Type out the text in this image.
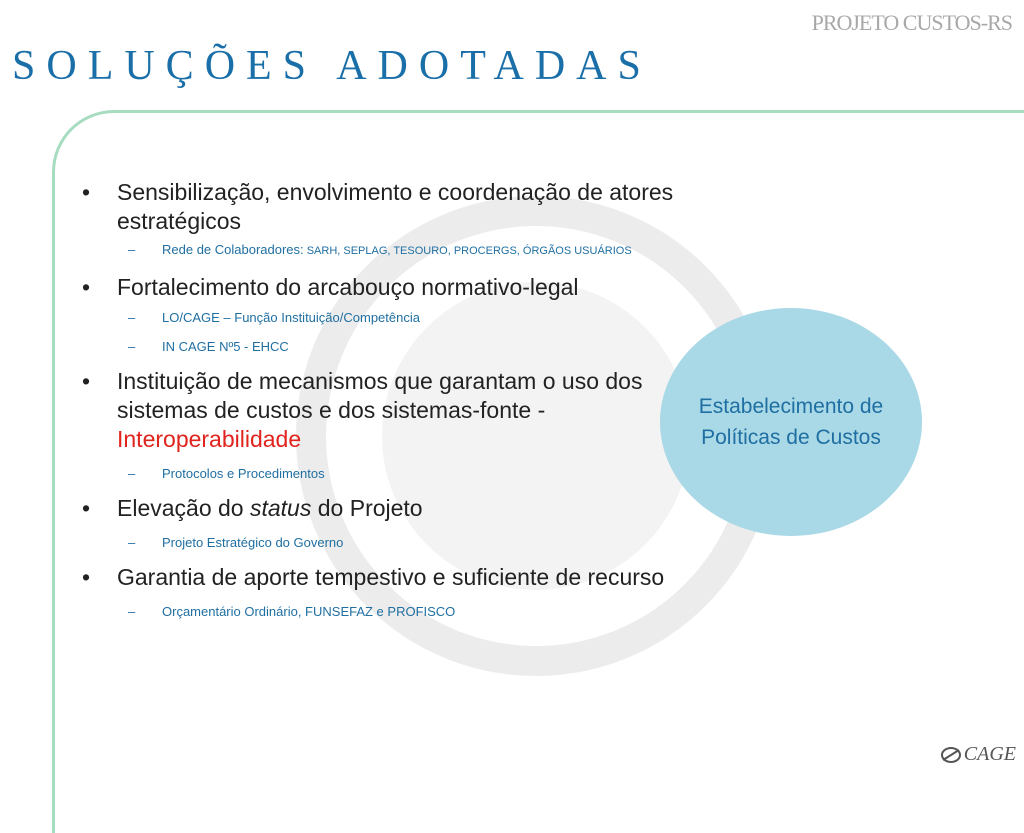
PROJETO CUSTOS-RS
SOLUÇÕES ADOTADAS
Estabelecimento de Políticas de Custos
• Sensibilização, envolvimento e coordenação de atores estratégicos
– Rede de Colaboradores: SARH, SEPLAG, TESOURO, PROCERGS, ÓRGÃOS USUÁRIOS
• Fortalecimento do arcabouço normativo-legal
– LO/CAGE – Função Instituição/Competência
– IN CAGE Nº5 - EHCC
• Instituição de mecanismos que garantam o uso dos sistemas de custos e dos sistemas-fonte - Interoperabilidade
– Protocolos e Procedimentos
• Elevação do status do Projeto
– Projeto Estratégico do Governo
• Garantia de aporte tempestivo e suficiente de recurso
– Orçamentário Ordinário, FUNSEFAZ e PROFISCO
CAGE
